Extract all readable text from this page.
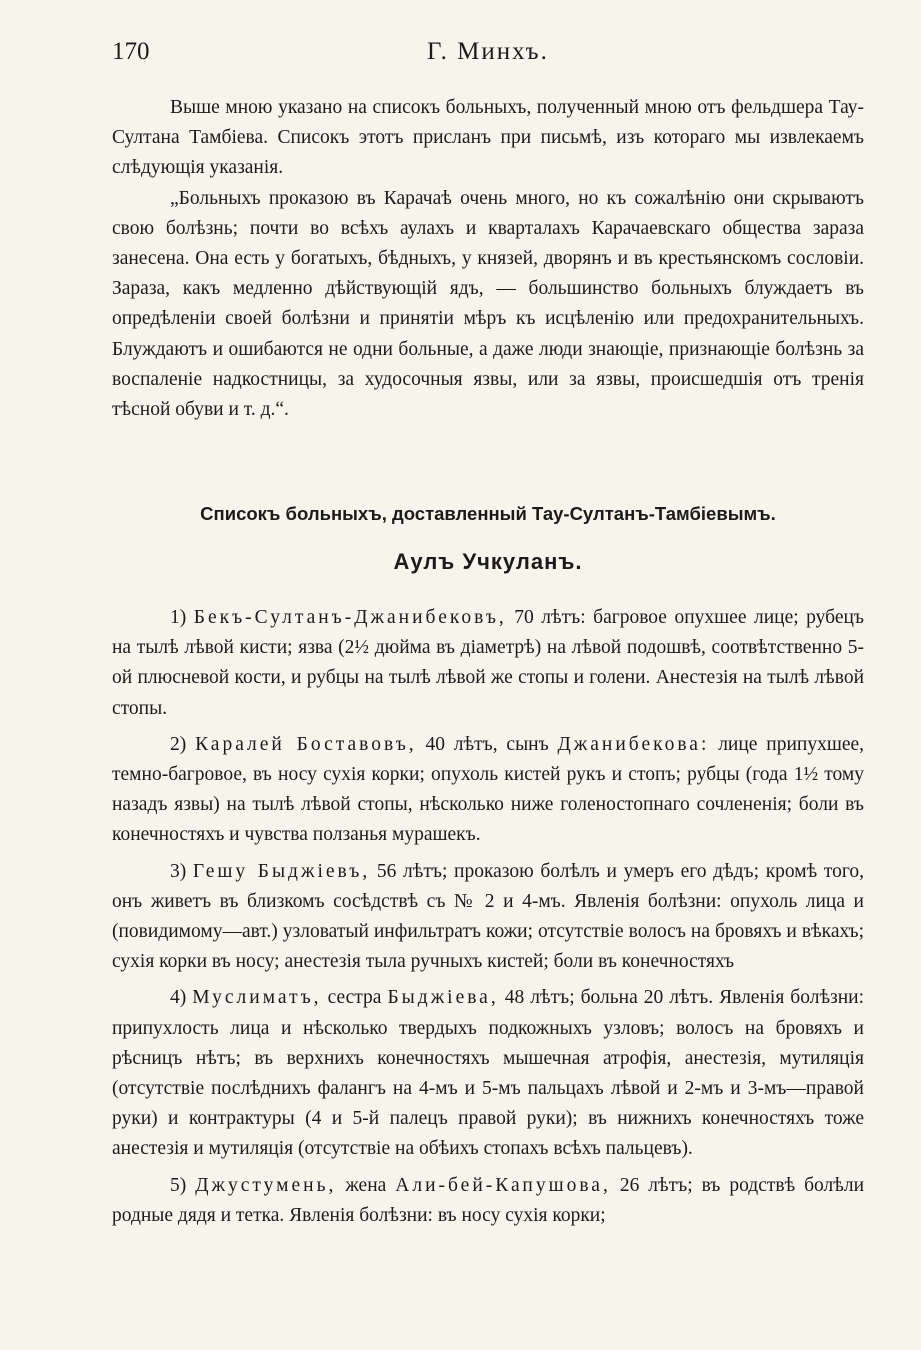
170	Г. Минхъ.

Выше мною указано на списокъ больныхъ, полученный мною отъ фельдшера Тау-Султана Тамбіева. Списокъ этотъ присланъ при письмѣ, изъ котораго мы извлекаемъ слѣдующія указанія.

„Больныхъ проказою въ Карачаѣ очень много, но къ сожалѣнію они скрываютъ свою болѣзнь; почти во всѣхъ аулахъ и кварталахъ Карачаевскаго общества зараза занесена. Она есть у богатыхъ, бѣдныхъ, у князей, дворянъ и въ крестьянскомъ сословіи. Зараза, какъ медленно дѣйствующій ядъ, — большинство больныхъ блуждаетъ въ опредѣленіи своей болѣзни и принятіи мѣръ къ исцѣленію или предохранительныхъ. Блуждаютъ и ошибаются не одни больные, а даже люди знающіе, признающіе болѣзнь за воспаленіе надкостницы, за худосочныя язвы, или за язвы, происшедшія отъ тренія тѣсной обуви и т. д.“.

Списокъ больныхъ, доставленный Тау-Султанъ-Тамбіевымъ.
Аулъ Учкуланъ.

1) Бекъ-Султанъ-Джанибековъ, 70 лѣтъ: багровое опухшее лице; рубецъ на тылѣ лѣвой кисти; язва (2½ дюйма въ діаметрѣ) на лѣвой подошвѣ, соотвѣтственно 5-ой плюсневой кости, и рубцы на тылѣ лѣвой же стопы и голени. Анестезія на тылѣ лѣвой стопы.

2) Каралей Боставовъ, 40 лѣтъ, сынъ Джанибекова: лице припухшее, темно-багровое, въ носу сухія корки; опухоль кистей рукъ и стопъ; рубцы (года 1½ тому назадъ язвы) на тылѣ лѣвой стопы, нѣсколько ниже голеностопнаго сочлененія; боли въ конечностяхъ и чувства ползанья мурашекъ.

3) Гешу Быджіевъ, 56 лѣтъ; проказою болѣлъ и умеръ его дѣдъ; кромѣ того, онъ живетъ въ близкомъ сосѣдствѣ съ № 2 и 4-мъ. Явленія болѣзни: опухоль лица и (повидимому—авт.) узловатый инфильтратъ кожи; отсутствіе волосъ на бровяхъ и вѣкахъ; сухія корки въ носу; анестезія тыла ручныхъ кистей; боли въ конечностяхъ

4) Муслиматъ, сестра Быджіева, 48 лѣтъ; больна 20 лѣтъ. Явленія болѣзни: припухлость лица и нѣсколько твердыхъ подкожныхъ узловъ; волосъ на бровяхъ и рѣсницъ нѣтъ; въ верхнихъ конечностяхъ мышечная атрофія, анестезія, мутиляція (отсутствіе послѣднихъ фалангъ на 4-мъ и 5-мъ пальцахъ лѣвой и 2-мъ и 3-мъ—правой руки) и контрактуры (4 и 5-й палецъ правой руки); въ нижнихъ конечностяхъ тоже анестезія и мутиляція (отсутствіе на обѣихъ стопахъ всѣхъ пальцевъ).

5) Джустумень, жена Али-бей-Капушова, 26 лѣтъ; въ родствѣ болѣли родные дядя и тетка. Явленія болѣзни: въ носу сухія корки;
